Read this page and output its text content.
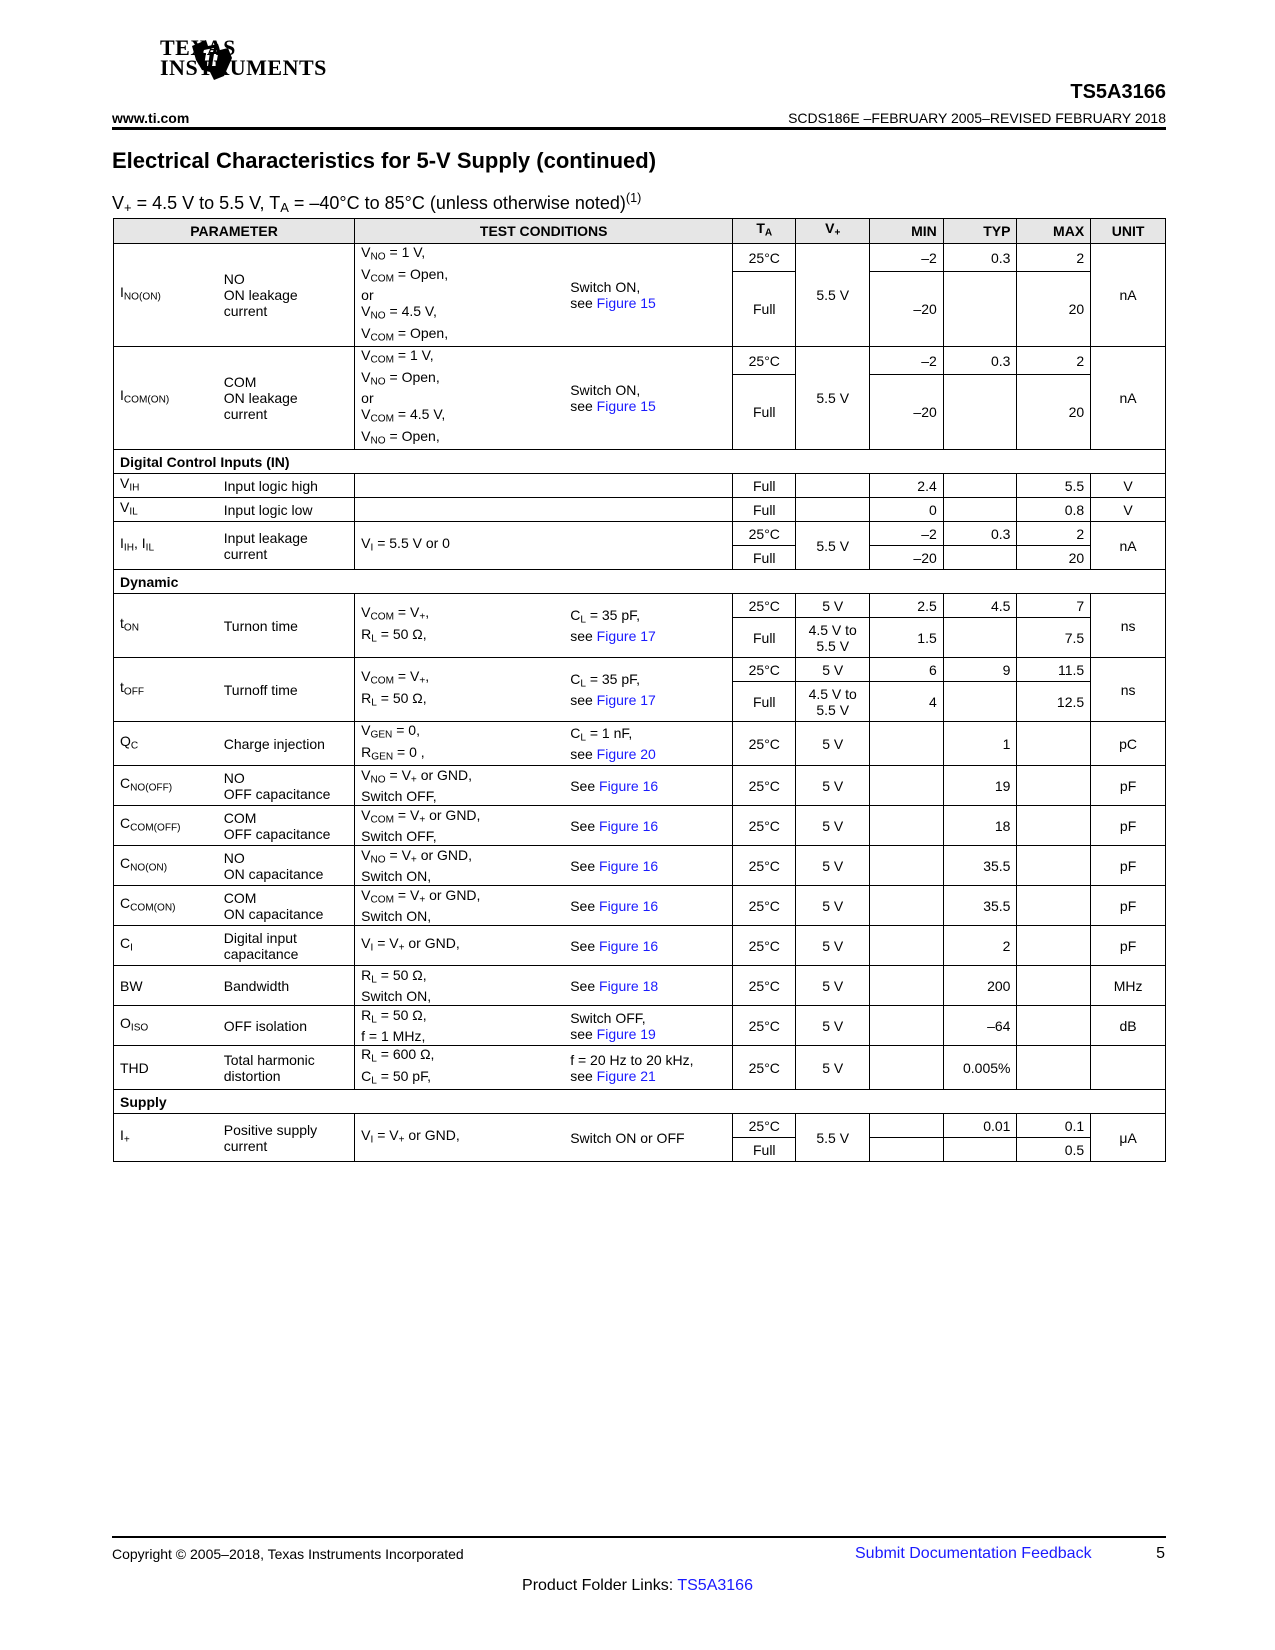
TEXAS
INSTRUMENTS
TS5A3166
www.ti.com	SCDS186E –FEBRUARY 2005–REVISED FEBRUARY 2018
Electrical Characteristics for 5-V Supply (continued)
$V_+ = 4.5$ V to 5.5 V, $T_A = -40^\circ C$ to 85°C (unless otherwise noted)$^{(1)}$
PARAMETER		TEST CONDITIONS		$T_A$	$V_+$	MIN	TYP	MAX	UNIT
$I_{NO(ON)}$	NO
ON leakage
current	$V_{NO} = 1$ V,
$V_{COM}$ = Open,
or
$V_{NO} = 4.5$ V,
$V_{COM}$ = Open,	Switch ON,
see Figure 15	25°C	5.5 V	–2	0.3	2	nA
				Full		–20		20	
$I_{COM(ON)}$	COM
ON leakage
current	$V_{COM} = 1$ V,
$V_{NO}$ = Open,
or
$V_{COM} = 4.5$ V,
$V_{NO}$ = Open,	Switch ON,
see Figure 15	25°C	5.5 V	–2	0.3	2	nA
				Full		–20		20	
Digital Control Inputs (IN)									
$V_{IH}$	Input logic high			Full		2.4		5.5	V
$V_{IL}$	Input logic low			Full		0		0.8	V
$I_{IH}$, $I_{IL}$	Input leakage
current	$V_I = 5.5$ V or 0		25°C	5.5 V	–2	0.3	2	nA
				Full		–20		20	
Dynamic									
$t_{ON}$	Turnon time	$V_{COM} = V_+$,
$R_L = 50$ Ω,	$C_L = 35$ pF,
see Figure 17	25°C	5 V	2.5	4.5	7	ns
				Full	4.5 V to
5.5 V	1.5		7.5	
$t_{OFF}$	Turnoff time	$V_{COM} = V_+$,
$R_L = 50$ Ω,	$C_L = 35$ pF,
see Figure 17	25°C	5 V	6	9	11.5	ns
				Full	4.5 V to
5.5 V	4		12.5	
$Q_C$	Charge injection	$V_{GEN} = 0$,
$R_{GEN} = 0$ ,	$C_L = 1$ nF,
see Figure 20	25°C	5 V		1		pC
$C_{NO(OFF)}$	NO
OFF capacitance	$V_{NO} = V_+$ or GND,
Switch OFF,	See Figure 16	25°C	5 V		19		pF
$C_{COM(OFF)}$	COM
OFF capacitance	$V_{COM} = V_+$ or GND,
Switch OFF,	See Figure 16	25°C	5 V		18		pF
$C_{NO(ON)}$	NO
ON capacitance	$V_{NO} = V_+$ or GND,
Switch ON,	See Figure 16	25°C	5 V		35.5		pF
$C_{COM(ON)}$	COM
ON capacitance	$V_{COM} = V_+$ or GND,
Switch ON,	See Figure 16	25°C	5 V		35.5		pF
$C_I$	Digital input
capacitance	$V_I = V_+$ or GND,	See Figure 16	25°C	5 V		2		pF
BW	Bandwidth	$R_L = 50$ Ω,
Switch ON,	See Figure 18	25°C	5 V		200		MHz
$O_{ISO}$	OFF isolation	$R_L = 50$ Ω,
f = 1 MHz,	Switch OFF,
see Figure 19	25°C	5 V		–64		dB
THD	Total harmonic
distortion	$R_L = 600$ Ω,
$C_L = 50$ pF,	f = 20 Hz to 20 kHz,
see Figure 21	25°C	5 V		0.005%		
Supply									
$I_+$	Positive supply
current	$V_I = V_+$ or GND,	Switch ON or OFF	25°C	5.5 V		0.01	0.1	μA
				Full				0.5	
Copyright © 2005–2018, Texas Instruments Incorporated	Submit Documentation Feedback	5
Product Folder Links: TS5A3166
